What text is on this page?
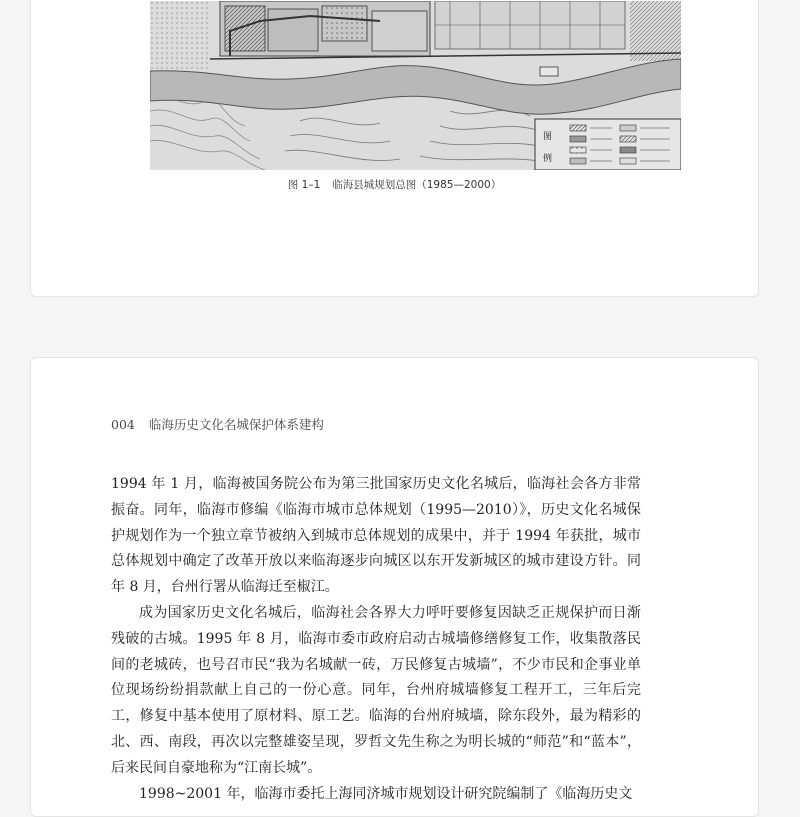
图
例
图 1–1 临海县城规划总图（1985—2000）
004 临海历史文化名城保护体系建构

1994 年 1 月，临海被国务院公布为第三批国家历史文化名城后，临海社会各方非常振奋。同年，临海市修编《临海市城市总体规划（1995—2010）》，历史文化名城保护规划作为一个独立章节被纳入到城市总体规划的成果中，并于 1994 年获批，城市总体规划中确定了改革开放以来临海逐步向城区以东开发新城区的城市建设方针。同年 8 月，台州行署从临海迁至椒江。

成为国家历史文化名城后，临海社会各界大力呼吁要修复因缺乏正规保护而日渐残破的古城。1995 年 8 月，临海市委市政府启动古城墙修缮修复工作，收集散落民间的老城砖，也号召市民“我为名城献一砖，万民修复古城墙”，不少市民和企事业单位现场纷纷捐款献上自己的一份心意。同年，台州府城墙修复工程开工，三年后完工，修复中基本使用了原材料、原工艺。临海的台州府城墙，除东段外，最为精彩的北、西、南段，再次以完整雄姿呈现，罗哲文先生称之为明长城的“师范”和“蓝本”，后来民间自豪地称为“江南长城”。

1998~2001 年，临海市委托上海同济城市规划设计研究院编制了《临海历史文
